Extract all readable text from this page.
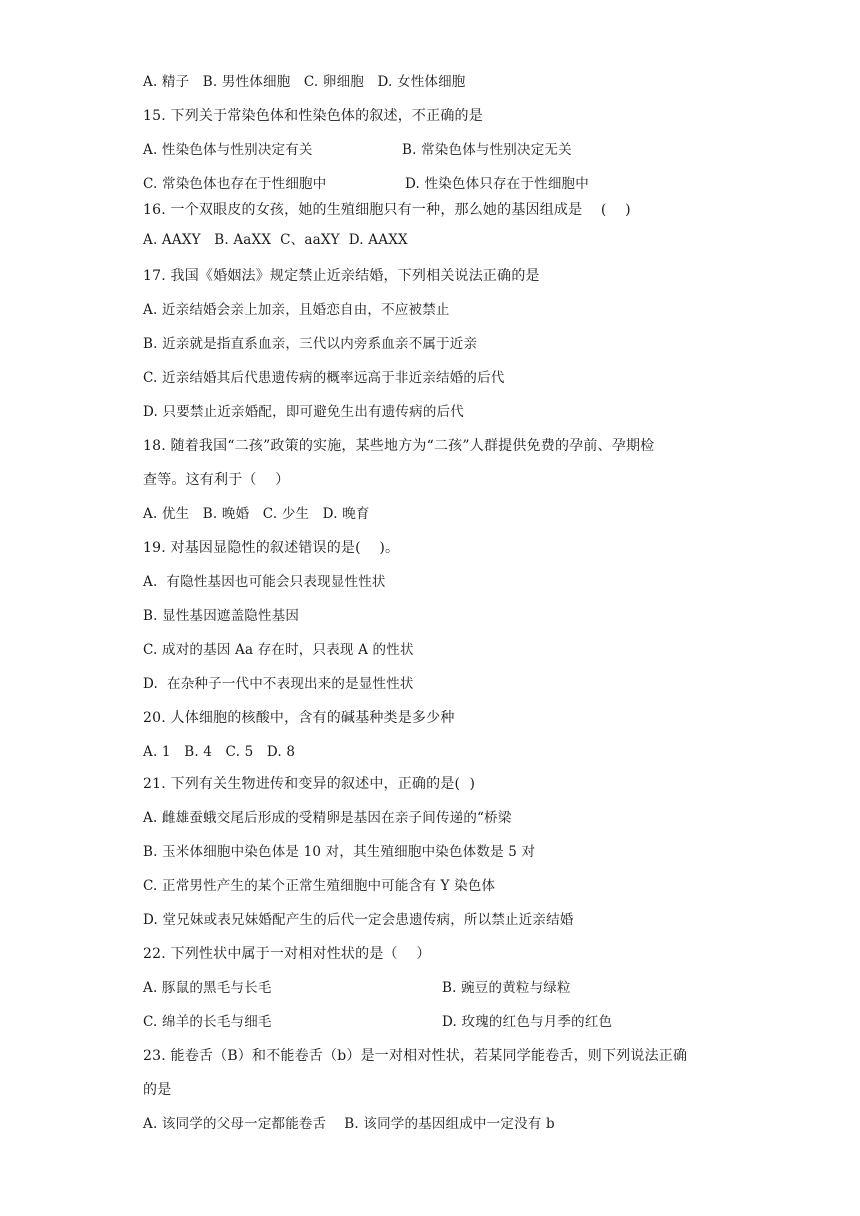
A. 精子   B. 男性体细胞   C. 卵细胞   D. 女性体细胞
15. 下列关于常染色体和性染色体的叙述，不正确的是
A. 性染色体与性别决定有关	B. 常染色体与性别决定无关
C. 常染色体也存在于性细胞中	D. 性染色体只存在于性细胞中
16. 一个双眼皮的女孩，她的生殖细胞只有一种，那么她的基因组成是    (    )
A. AAXY   B. AaXX  C、aaXY  D. AAXX
17. 我国《婚姻法》规定禁止近亲结婚，下列相关说法正确的是
A. 近亲结婚会亲上加亲，且婚恋自由，不应被禁止
B. 近亲就是指直系血亲，三代以内旁系血亲不属于近亲
C. 近亲结婚其后代患遗传病的概率远高于非近亲结婚的后代
D. 只要禁止近亲婚配，即可避免生出有遗传病的后代
18. 随着我国“二孩”政策的实施，某些地方为“二孩”人群提供免费的孕前、孕期检
查等。这有利于（    ）
A. 优生   B. 晚婚   C. 少生   D. 晚育
19. 对基因显隐性的叙述错误的是(    )。
A.  有隐性基因也可能会只表现显性性状
B. 显性基因遮盖隐性基因
C. 成对的基因 Aa 存在时，只表现 A 的性状
D.  在杂种子一代中不表现出来的是显性性状
20. 人体细胞的核酸中，含有的碱基种类是多少种
A. 1   B. 4   C. 5   D. 8
21. 下列有关生物进传和变异的叙述中，正确的是(  )
A. 雌雄蚕蛾交尾后形成的受精卵是基因在亲子间传递的“桥梁
B. 玉米体细胞中染色体是 10 对，其生殖细胞中染色体数是 5 对
C. 正常男性产生的某个正常生殖细胞中可能含有 Y 染色体
D. 堂兄妹或表兄妹婚配产生的后代一定会患遗传病，所以禁止近亲结婚
22. 下列性状中属于一对相对性状的是（    ）
A. 豚鼠的黑毛与长毛	B. 豌豆的黄粒与绿粒
C. 绵羊的长毛与细毛	D. 玫瑰的红色与月季的红色
23. 能卷舌（B）和不能卷舌（b）是一对相对性状，若某同学能卷舌，则下列说法正确
的是
A. 该同学的父母一定都能卷舌    B. 该同学的基因组成中一定没有 b
